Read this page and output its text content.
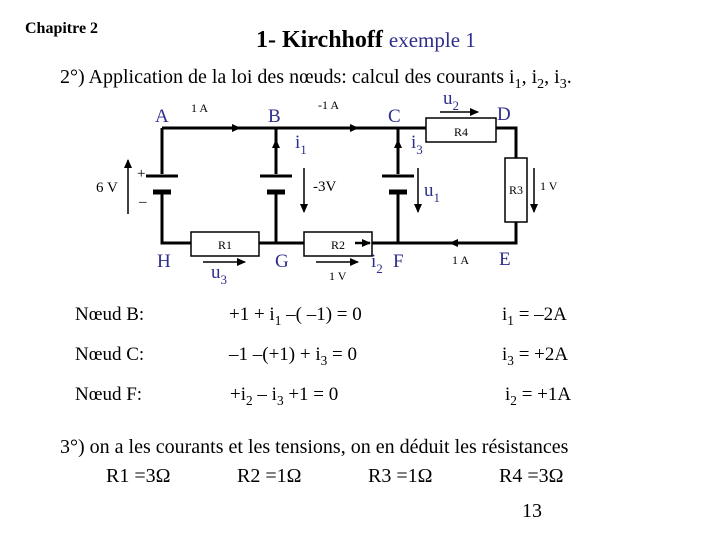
Chapitre 2	1- Kirchhoff exemple 1
2°) Application de la loi des nœuds: calcul des courants $i_1$, $i_2$, $i_3$.
R4
R3
R1	R2
A	B	C	D
E
F
G
H
1 A	-1 A
1 A
$i_1$	$i_3$
$i_2$
$u_1$
$u_2$
$u_3$
6 V	-3V	1 V
1 V
+
–
Nœud B:	$+1 + i_1$ –( –1) = 0	$i_1 = -2A$
Nœud C:	–1 $-(+1) + i_3 = 0$	$i_3 = +2A$
Nœud F:	$+i_2 - i_3 +1 = 0$	$i_2 = +1A$
3°) on a les courants et les tensions, on en déduit les résistances
R1 =3Ω	R2 =1Ω	R3 =1Ω	R4 =3Ω
13
